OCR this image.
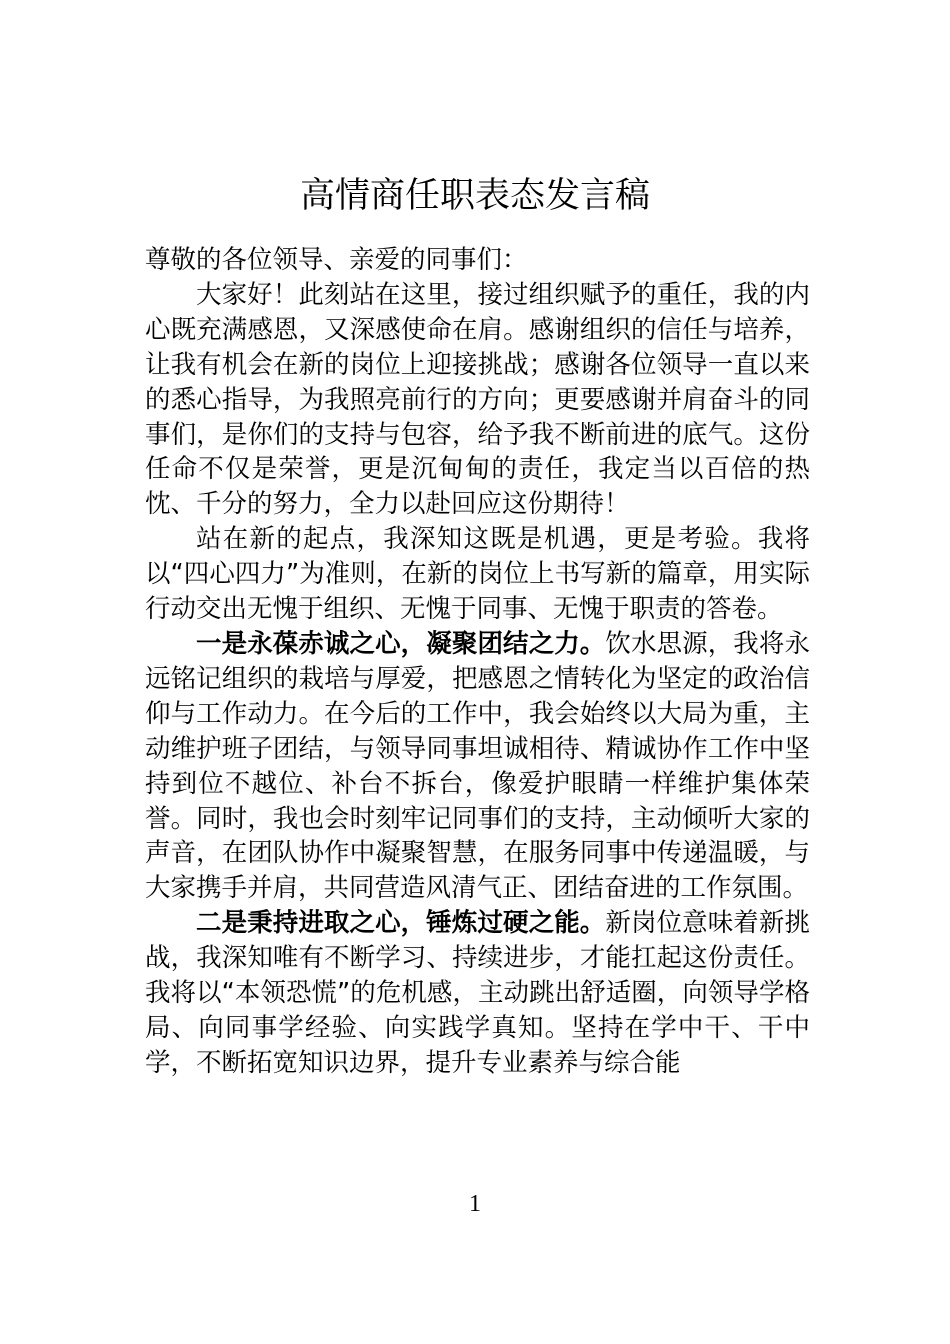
高情商任职表态发言稿

尊敬的各位领导、亲爱的同事们：

大家好！此刻站在这里，接过组织赋予的重任，我的内心既充满感恩，又深感使命在肩。感谢组织的信任与培养，让我有机会在新的岗位上迎接挑战；感谢各位领导一直以来的悉心指导，为我照亮前行的方向；更要感谢并肩奋斗的同事们，是你们的支持与包容，给予我不断前进的底气。这份任命不仅是荣誉，更是沉甸甸的责任，我定当以百倍的热忱、千分的努力，全力以赴回应这份期待！

站在新的起点，我深知这既是机遇，更是考验。我将以“四心四力”为准则，在新的岗位上书写新的篇章，用实际行动交出无愧于组织、无愧于同事、无愧于职责的答卷。

一是永葆赤诚之心，凝聚团结之力。饮水思源，我将永远铭记组织的栽培与厚爱，把感恩之情转化为坚定的政治信仰与工作动力。在今后的工作中，我会始终以大局为重，主动维护班子团结，与领导同事坦诚相待、精诚协作工作中坚持到位不越位、补台不拆台，像爱护眼睛一样维护集体荣誉。同时，我也会时刻牢记同事们的支持，主动倾听大家的声音，在团队协作中凝聚智慧，在服务同事中传递温暖，与大家携手并肩，共同营造风清气正、团结奋进的工作氛围。

二是秉持进取之心，锤炼过硬之能。新岗位意味着新挑战，我深知唯有不断学习、持续进步，才能扛起这份责任。我将以“本领恐慌”的危机感，主动跳出舒适圈，向领导学格局、向同事学经验、向实践学真知。坚持在学中干、干中学，不断拓宽知识边界，提升专业素养与综合能

1
